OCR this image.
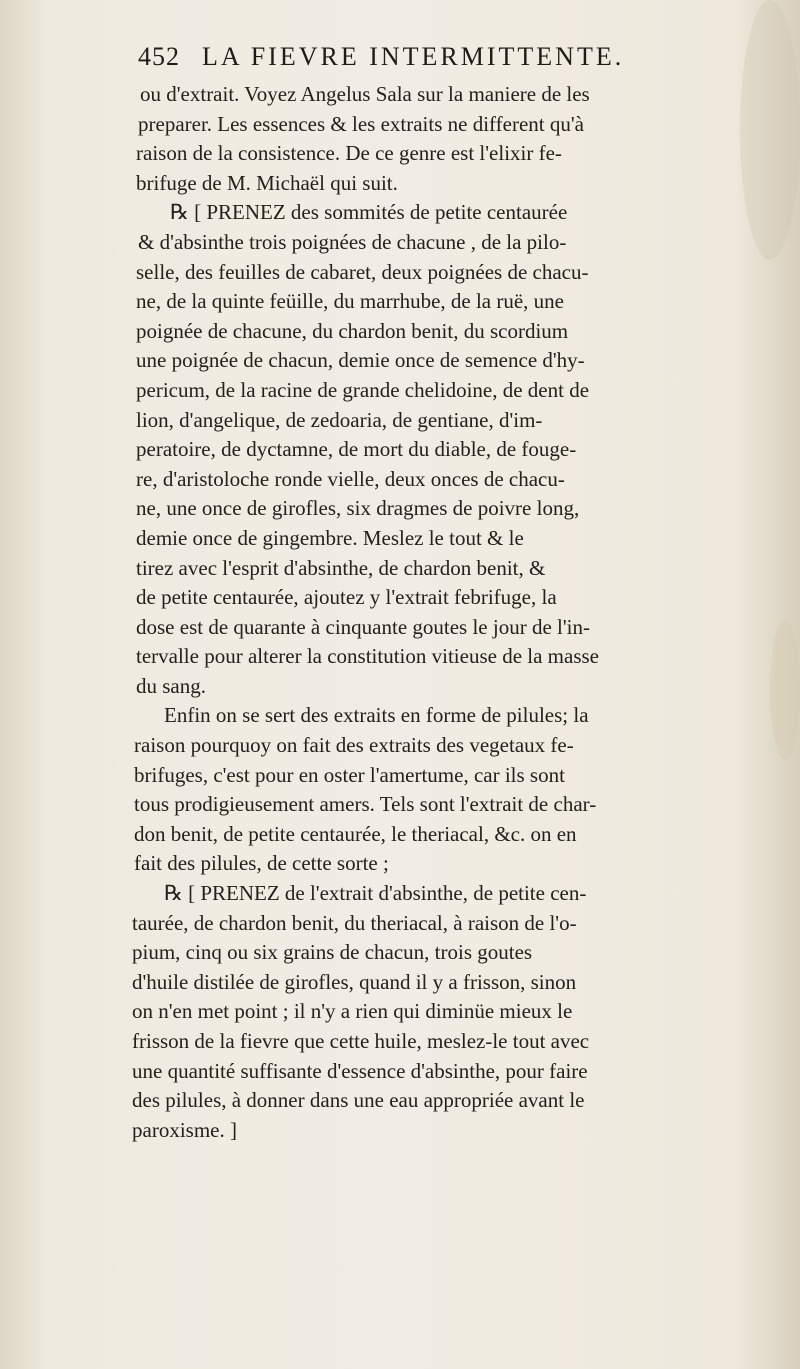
452 LA FIEVRE INTERMITTENTE.
ou d'extrait. Voyez Angelus Sala sur la maniere de les
preparer. Les essences & les extraits ne different qu'à
raison de la consistence. De ce genre est l'elixir fe-
brifuge de M. Michaël qui suit.
℞ [ PRENEZ des sommités de petite centaurée
& d'absinthe trois poignées de chacune , de la pilo-
selle, des feuilles de cabaret, deux poignées de chacu-
ne, de la quinte feüille, du marrhube, de la ruë, une
poignée de chacune, du chardon benit, du scordium
une poignée de chacun, demie once de semence d'hy-
pericum, de la racine de grande chelidoine, de dent de
lion, d'angelique, de zedoaria, de gentiane, d'im-
peratoire, de dyctamne, de mort du diable, de fouge-
re, d'aristoloche ronde vielle, deux onces de chacu-
ne, une once de girofles, six dragmes de poivre long,
demie once de gingembre. Meslez le tout & le
tirez avec l'esprit d'absinthe, de chardon benit, &
de petite centaurée, ajoutez y l'extrait febrifuge, la
dose est de quarante à cinquante goutes le jour de l'in-
tervalle pour alterer la constitution vitieuse de la masse
du sang.
Enfin on se sert des extraits en forme de pilules; la
raison pourquoy on fait des extraits des vegetaux fe-
brifuges, c'est pour en oster l'amertume, car ils sont
tous prodigieusement amers. Tels sont l'extrait de char-
don benit, de petite centaurée, le theriacal, &c. on en
fait des pilules, de cette sorte ;
℞ [ PRENEZ de l'extrait d'absinthe, de petite cen-
taurée, de chardon benit, du theriacal, à raison de l'o-
pium, cinq ou six grains de chacun, trois goutes
d'huile distilée de girofles, quand il y a frisson, sinon
on n'en met point ; il n'y a rien qui diminüe mieux le
frisson de la fievre que cette huile, meslez-le tout avec
une quantité suffisante d'essence d'absinthe, pour faire
des pilules, à donner dans une eau appropriée avant le
paroxisme. ]
